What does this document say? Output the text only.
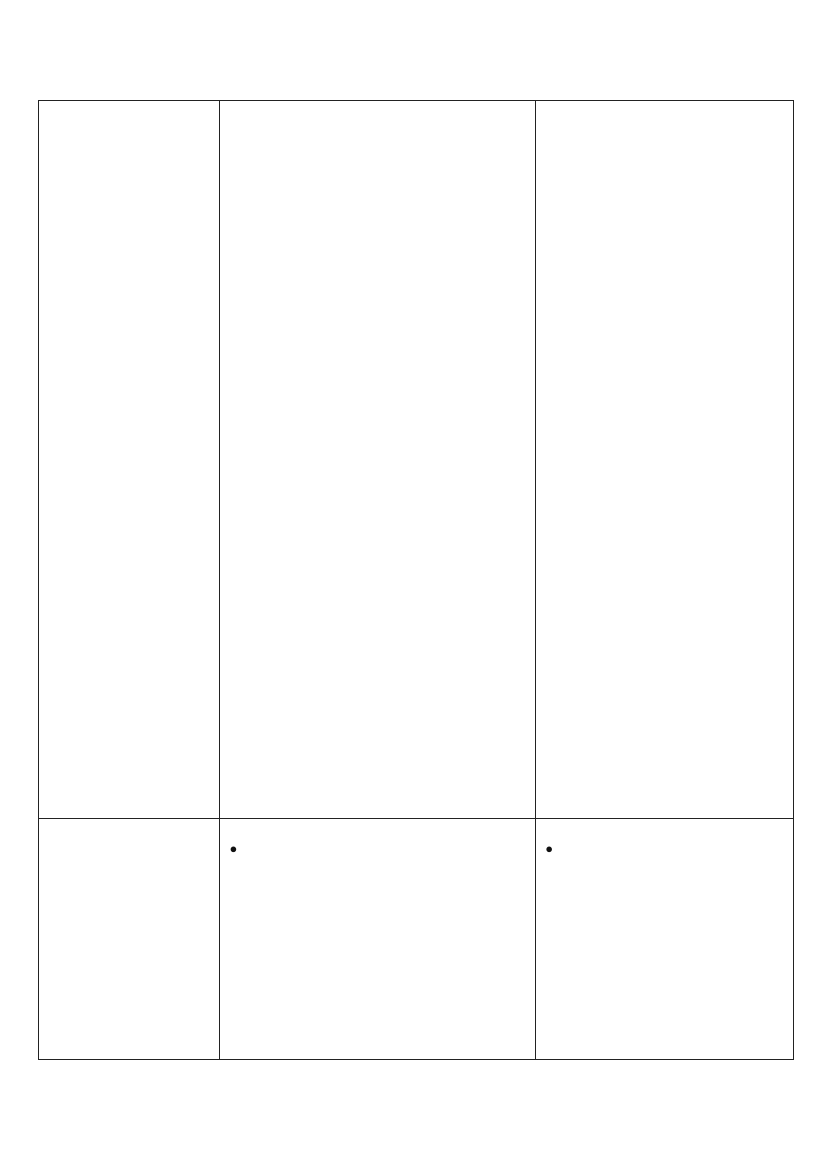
	●	●
